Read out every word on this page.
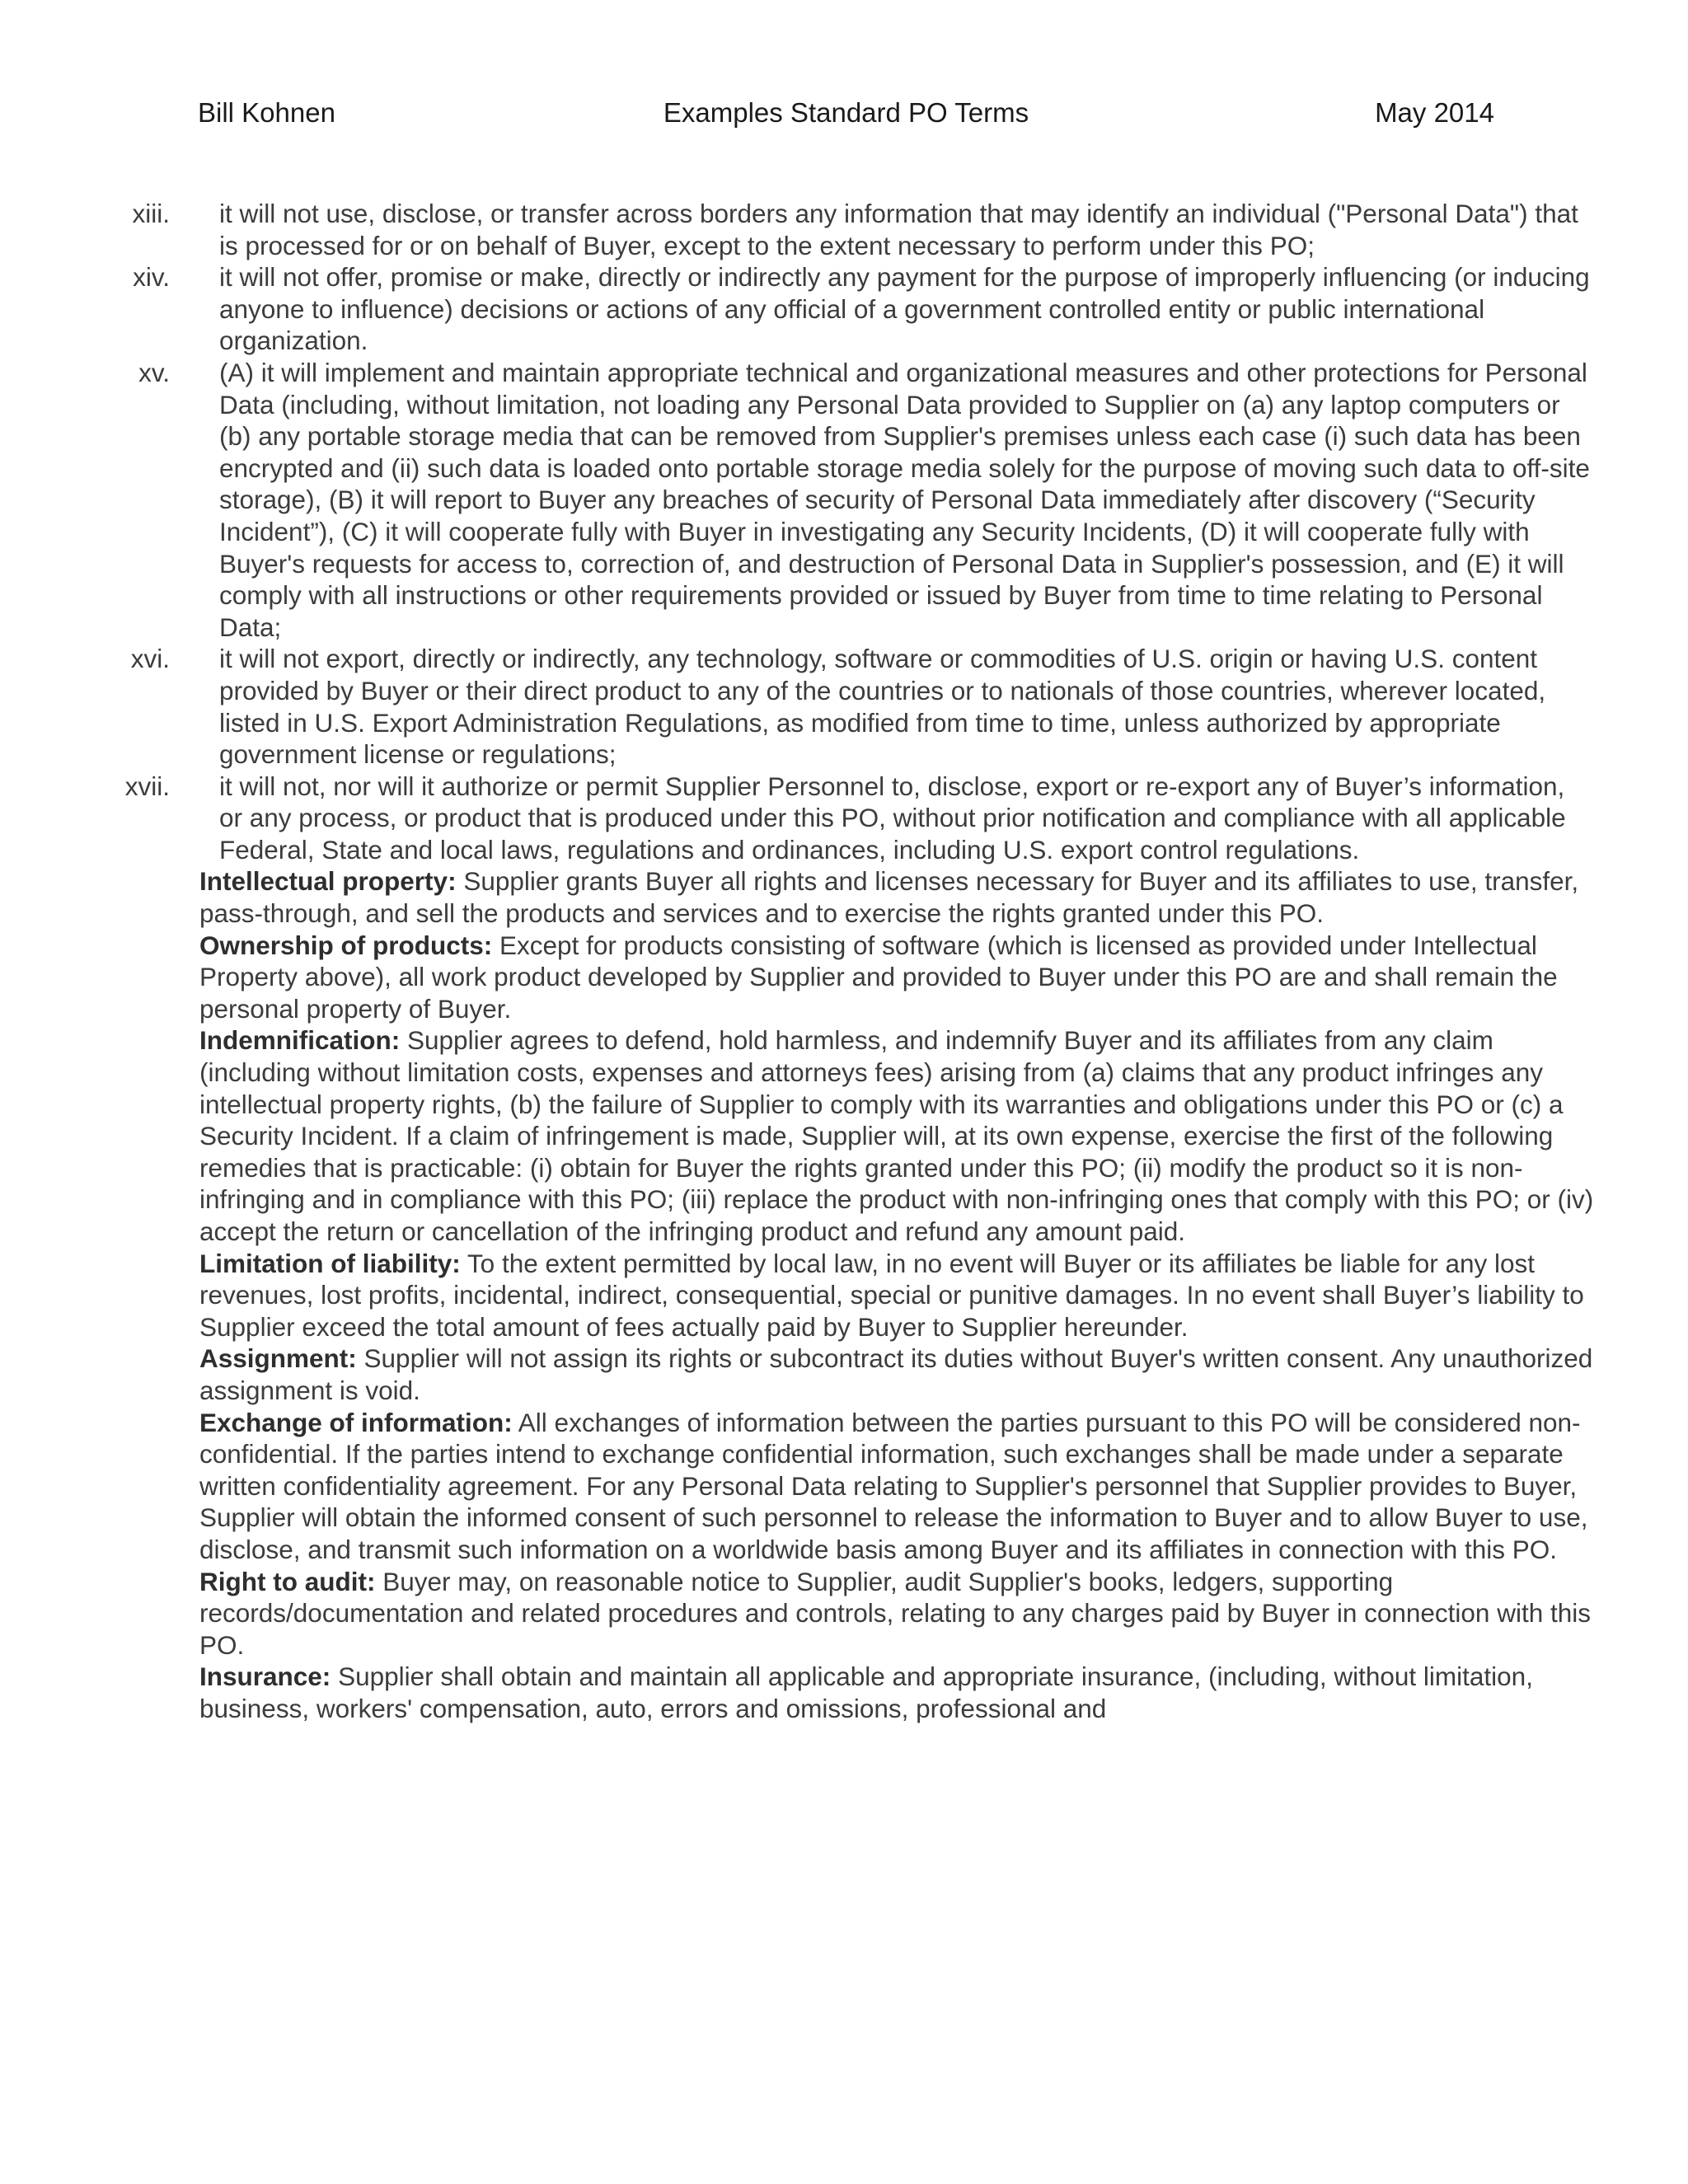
Bill Kohnen	Examples Standard PO Terms	May 2014
xiii. it will not use, disclose, or transfer across borders any information that may identify an individual ("Personal Data") that is processed for or on behalf of Buyer, except to the extent necessary to perform under this PO;
xiv. it will not offer, promise or make, directly or indirectly any payment for the purpose of improperly influencing (or inducing anyone to influence) decisions or actions of any official of a government controlled entity or public international organization.
xv. (A) it will implement and maintain appropriate technical and organizational measures and other protections for Personal Data (including, without limitation, not loading any Personal Data provided to Supplier on (a) any laptop computers or (b) any portable storage media that can be removed from Supplier's premises unless each case (i) such data has been encrypted and (ii) such data is loaded onto portable storage media solely for the purpose of moving such data to off-site storage), (B) it will report to Buyer any breaches of security of Personal Data immediately after discovery (“Security Incident”), (C) it will cooperate fully with Buyer in investigating any Security Incidents, (D) it will cooperate fully with Buyer's requests for access to, correction of, and destruction of Personal Data in Supplier's possession, and (E) it will comply with all instructions or other requirements provided or issued by Buyer from time to time relating to Personal Data;
xvi. it will not export, directly or indirectly, any technology, software or commodities of U.S. origin or having U.S. content provided by Buyer or their direct product to any of the countries or to nationals of those countries, wherever located, listed in U.S. Export Administration Regulations, as modified from time to time, unless authorized by appropriate government license or regulations;
xvii. it will not, nor will it authorize or permit Supplier Personnel to, disclose, export or re-export any of Buyer’s information, or any process, or product that is produced under this PO, without prior notification and compliance with all applicable Federal, State and local laws, regulations and ordinances, including U.S. export control regulations.

Intellectual property: Supplier grants Buyer all rights and licenses necessary for Buyer and its affiliates to use, transfer, pass-through, and sell the products and services and to exercise the rights granted under this PO.

Ownership of products: Except for products consisting of software (which is licensed as provided under Intellectual Property above), all work product developed by Supplier and provided to Buyer under this PO are and shall remain the personal property of Buyer.

Indemnification: Supplier agrees to defend, hold harmless, and indemnify Buyer and its affiliates from any claim (including without limitation costs, expenses and attorneys fees) arising from (a) claims that any product infringes any intellectual property rights, (b) the failure of Supplier to comply with its warranties and obligations under this PO or (c) a Security Incident. If a claim of infringement is made, Supplier will, at its own expense, exercise the first of the following remedies that is practicable: (i) obtain for Buyer the rights granted under this PO; (ii) modify the product so it is non-infringing and in compliance with this PO; (iii) replace the product with non-infringing ones that comply with this PO; or (iv) accept the return or cancellation of the infringing product and refund any amount paid.

Limitation of liability: To the extent permitted by local law, in no event will Buyer or its affiliates be liable for any lost revenues, lost profits, incidental, indirect, consequential, special or punitive damages. In no event shall Buyer’s liability to Supplier exceed the total amount of fees actually paid by Buyer to Supplier hereunder.

Assignment: Supplier will not assign its rights or subcontract its duties without Buyer's written consent. Any unauthorized assignment is void.

Exchange of information: All exchanges of information between the parties pursuant to this PO will be considered non-confidential. If the parties intend to exchange confidential information, such exchanges shall be made under a separate written confidentiality agreement. For any Personal Data relating to Supplier's personnel that Supplier provides to Buyer, Supplier will obtain the informed consent of such personnel to release the information to Buyer and to allow Buyer to use, disclose, and transmit such information on a worldwide basis among Buyer and its affiliates in connection with this PO.

Right to audit: Buyer may, on reasonable notice to Supplier, audit Supplier's books, ledgers, supporting records/documentation and related procedures and controls, relating to any charges paid by Buyer in connection with this PO.

Insurance: Supplier shall obtain and maintain all applicable and appropriate insurance, (including, without limitation, business, workers' compensation, auto, errors and omissions, professional and
